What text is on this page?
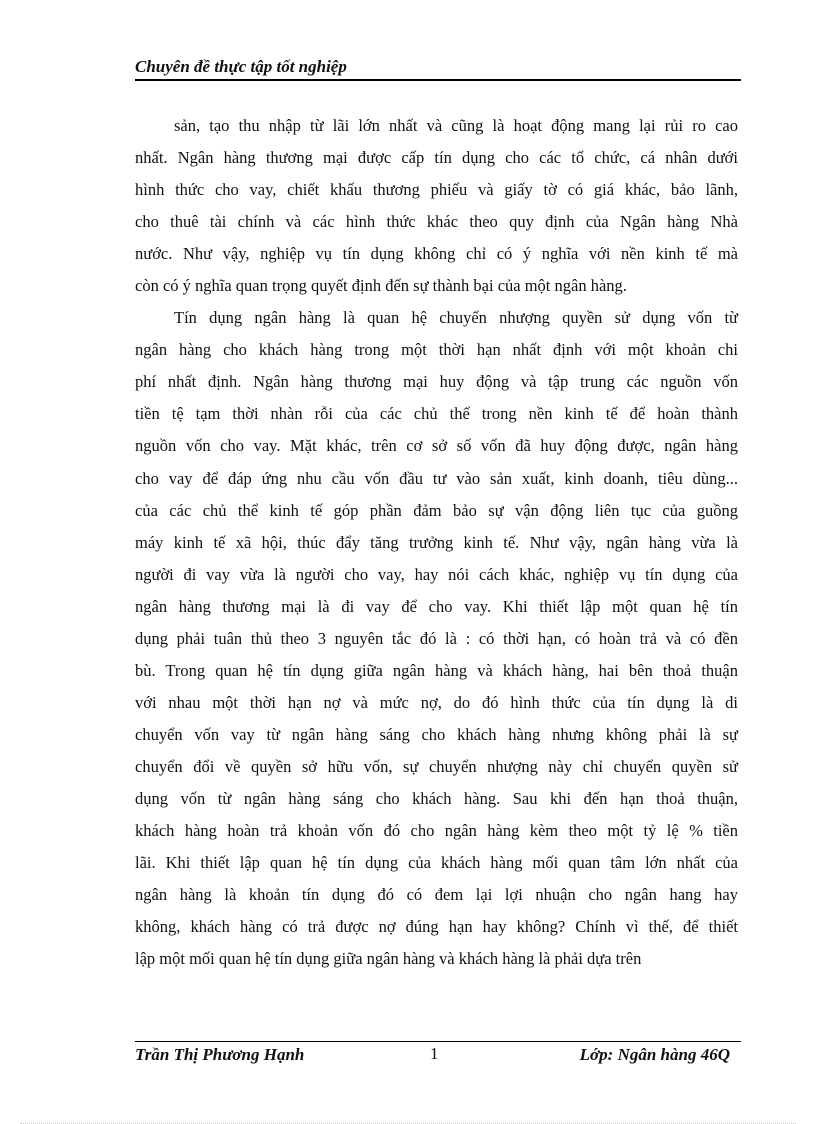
Chuyên đề thực tập tốt nghiệp
sản, tạo thu nhập từ lãi lớn nhất và cũng là hoạt động mang lại rủi ro cao
nhất. Ngân hàng thương mại được cấp tín dụng cho các tổ chức, cá nhân dưới
hình thức cho vay, chiết khấu thương phiếu và giấy tờ có giá khác, bảo lãnh,
cho thuê tài chính và các hình thức khác theo quy định của Ngân hàng Nhà
nước. Như vậy, nghiệp vụ tín dụng không chỉ có ý nghĩa với nền kinh tế mà
còn có ý nghĩa quan trọng quyết định đến sự thành bại của một ngân hàng.
Tín dụng ngân hàng là quan hệ chuyển nhượng quyền sử dụng vốn từ
ngân hàng cho khách hàng trong một thời hạn nhất định với một khoản chi
phí nhất định. Ngân hàng thương mại huy động và tập trung các nguồn vốn
tiền tệ tạm thời nhàn rỗi của các chủ thể trong nền kinh tế để hoàn thành
nguồn vốn cho vay. Mặt khác, trên cơ sở số vốn đã huy động được, ngân hàng
cho vay để đáp ứng nhu cầu vốn đầu tư vào sản xuất, kinh doanh, tiêu dùng...
của các chủ thể kinh tế góp phần đảm bảo sự vận động liên tục của guồng
máy kinh tế xã hội, thúc đẩy tăng trưởng kinh tế. Như vậy, ngân hàng vừa là
người đi vay vừa là người cho vay, hay nói cách khác, nghiệp vụ tín dụng của
ngân hàng thương mại là đi vay để cho vay. Khi thiết lập một quan hệ tín
dụng phải tuân thủ theo 3 nguyên tắc đó là : có thời hạn, có hoàn trả và có đền
bù. Trong quan hệ tín dụng giữa ngân hàng và khách hàng, hai bên thoả thuận
với nhau một thời hạn nợ và mức nợ, do đó hình thức của tín dụng là di
chuyển vốn vay từ ngân hàng sáng cho khách hàng nhưng không phải là sự
chuyển đổi về quyền sở hữu vốn, sự chuyển nhượng này chỉ chuyển quyền sử
dụng vốn từ ngân hàng sáng cho khách hàng. Sau khi đến hạn thoả thuận,
khách hàng hoàn trả khoản vốn đó cho ngân hàng kèm theo một tỷ lệ % tiền
lãi. Khi thiết lập quan hệ tín dụng của khách hàng mối quan tâm lớn nhất của
ngân hàng là khoản tín dụng đó có đem lại lợi nhuận cho ngân hang hay
không, khách hàng có trả được nợ đúng hạn hay không? Chính vì thế, để thiết
lập một mối quan hệ tín dụng giữa ngân hàng và khách hàng là phải dựa trên
Trần Thị Phương Hạnh	1	Lớp: Ngân hàng 46Q
